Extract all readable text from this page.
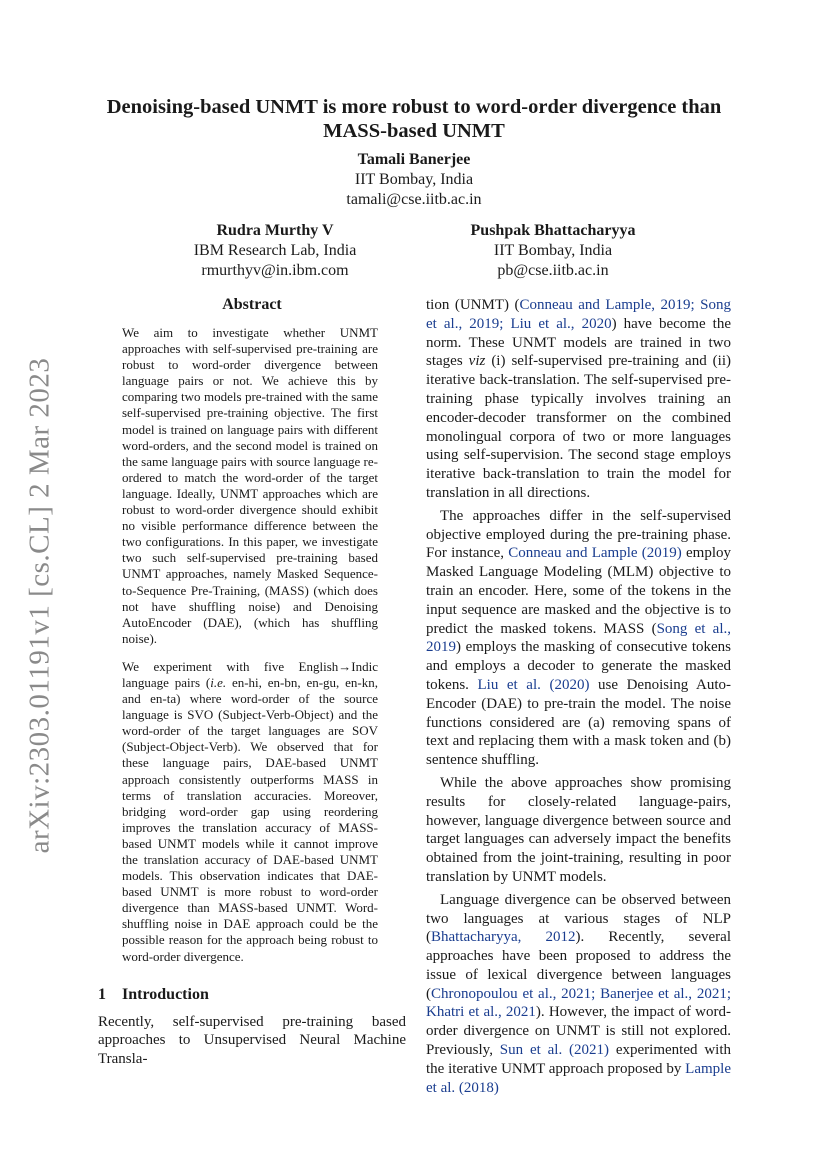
arXiv:2303.01191v1 [cs.CL] 2 Mar 2023
Denoising-based UNMT is more robust to word-order divergence than MASS-based UNMT
Tamali Banerjee
IIT Bombay, India
tamali@cse.iitb.ac.in
Rudra Murthy V
IBM Research Lab, India
rmurthyv@in.ibm.com
Pushpak Bhattacharyya
IIT Bombay, India
pb@cse.iitb.ac.in
Abstract

We aim to investigate whether UNMT approaches with self-supervised pre-training are robust to word-order divergence between language pairs or not. We achieve this by comparing two models pre-trained with the same self-supervised pre-training objective. The first model is trained on language pairs with different word-orders, and the second model is trained on the same language pairs with source language re-ordered to match the word-order of the target language. Ideally, UNMT approaches which are robust to word-order divergence should exhibit no visible performance difference between the two configurations. In this paper, we investigate two such self-supervised pre-training based UNMT approaches, namely Masked Sequence-to-Sequence Pre-Training, (MASS) (which does not have shuffling noise) and Denoising AutoEncoder (DAE), (which has shuffling noise).

We experiment with five English→Indic language pairs (i.e. en-hi, en-bn, en-gu, en-kn, and en-ta) where word-order of the source language is SVO (Subject-Verb-Object) and the word-order of the target languages are SOV (Subject-Object-Verb). We observed that for these language pairs, DAE-based UNMT approach consistently outperforms MASS in terms of translation accuracies. Moreover, bridging word-order gap using reordering improves the translation accuracy of MASS-based UNMT models while it cannot improve the translation accuracy of DAE-based UNMT models. This observation indicates that DAE-based UNMT is more robust to word-order divergence than MASS-based UNMT. Word-shuffling noise in DAE approach could be the possible reason for the approach being robust to word-order divergence.

1 Introduction

Recently, self-supervised pre-training based approaches to Unsupervised Neural Machine Transla-

tion (UNMT) (Conneau and Lample, 2019; Song et al., 2019; Liu et al., 2020) have become the norm. These UNMT models are trained in two stages viz (i) self-supervised pre-training and (ii) iterative back-translation. The self-supervised pre-training phase typically involves training an encoder-decoder transformer on the combined monolingual corpora of two or more languages using self-supervision. The second stage employs iterative back-translation to train the model for translation in all directions.

The approaches differ in the self-supervised objective employed during the pre-training phase. For instance, Conneau and Lample (2019) employ Masked Language Modeling (MLM) objective to train an encoder. Here, some of the tokens in the input sequence are masked and the objective is to predict the masked tokens. MASS (Song et al., 2019) employs the masking of consecutive tokens and employs a decoder to generate the masked tokens. Liu et al. (2020) use Denoising Auto-Encoder (DAE) to pre-train the model. The noise functions considered are (a) removing spans of text and replacing them with a mask token and (b) sentence shuffling.

While the above approaches show promising results for closely-related language-pairs, however, language divergence between source and target languages can adversely impact the benefits obtained from the joint-training, resulting in poor translation by UNMT models.

Language divergence can be observed between two languages at various stages of NLP (Bhattacharyya, 2012). Recently, several approaches have been proposed to address the issue of lexical divergence between languages (Chronopoulou et al., 2021; Banerjee et al., 2021; Khatri et al., 2021). However, the impact of word-order divergence on UNMT is still not explored. Previously, Sun et al. (2021) experimented with the iterative UNMT approach proposed by Lample et al. (2018)
